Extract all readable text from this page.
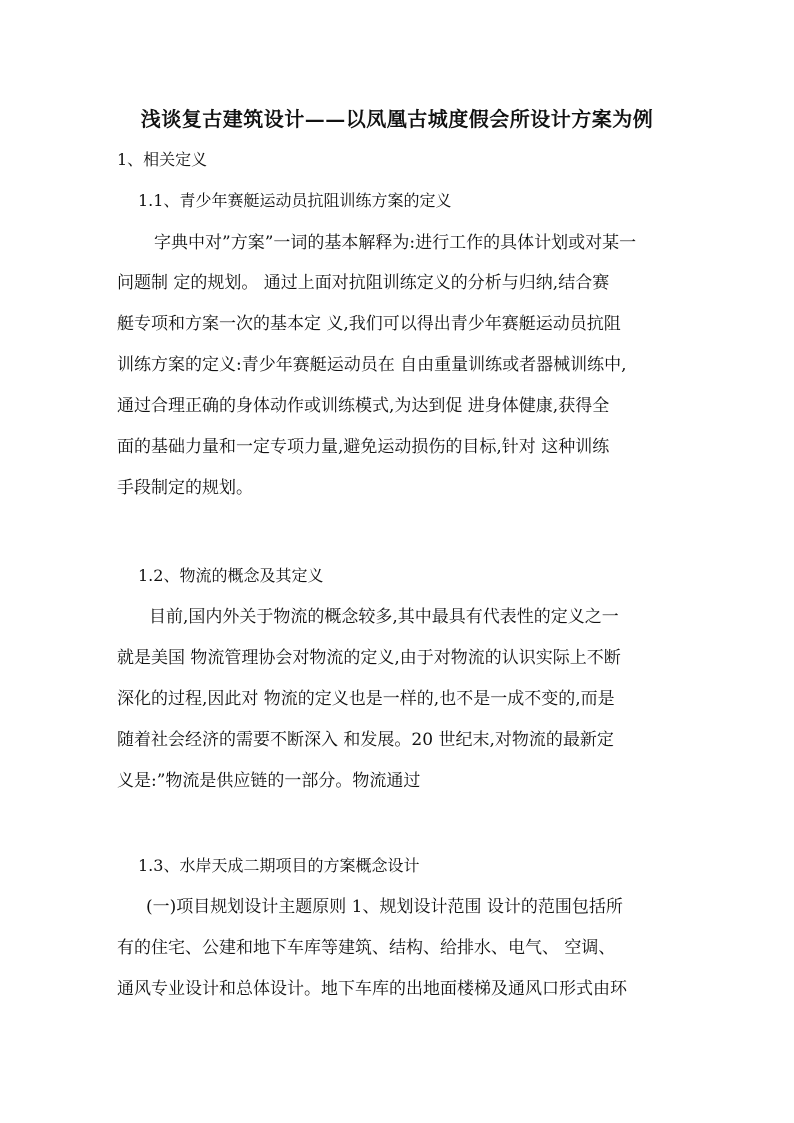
浅谈复古建筑设计——以凤凰古城度假会所设计方案为例
1、相关定义
1.1、青少年赛艇运动员抗阻训练方案的定义
字典中对”方案”一词的基本解释为:进行工作的具体计划或对某一
问题制 定的规划。 通过上面对抗阻训练定义的分析与归纳,结合赛
艇专项和方案一次的基本定 义,我们可以得出青少年赛艇运动员抗阻
训练方案的定义:青少年赛艇运动员在 自由重量训练或者器械训练中,
通过合理正确的身体动作或训练模式,为达到促 进身体健康,获得全
面的基础力量和一定专项力量,避免运动损伤的目标,针对 这种训练
手段制定的规划。
1.2、物流的概念及其定义
目前,国内外关于物流的概念较多,其中最具有代表性的定义之一
就是美国 物流管理协会对物流的定义,由于对物流的认识实际上不断
深化的过程,因此对 物流的定义也是一样的,也不是一成不变的,而是
随着社会经济的需要不断深入 和发展。20 世纪末,对物流的最新定
义是:”物流是供应链的一部分。物流通过
1.3、水岸天成二期项目的方案概念设计
(一)项目规划设计主题原则 1、规划设计范围 设计的范围包括所
有的住宅、公建和地下车库等建筑、结构、给排水、电气、 空调、
通风专业设计和总体设计。地下车库的出地面楼梯及通风口形式由环
